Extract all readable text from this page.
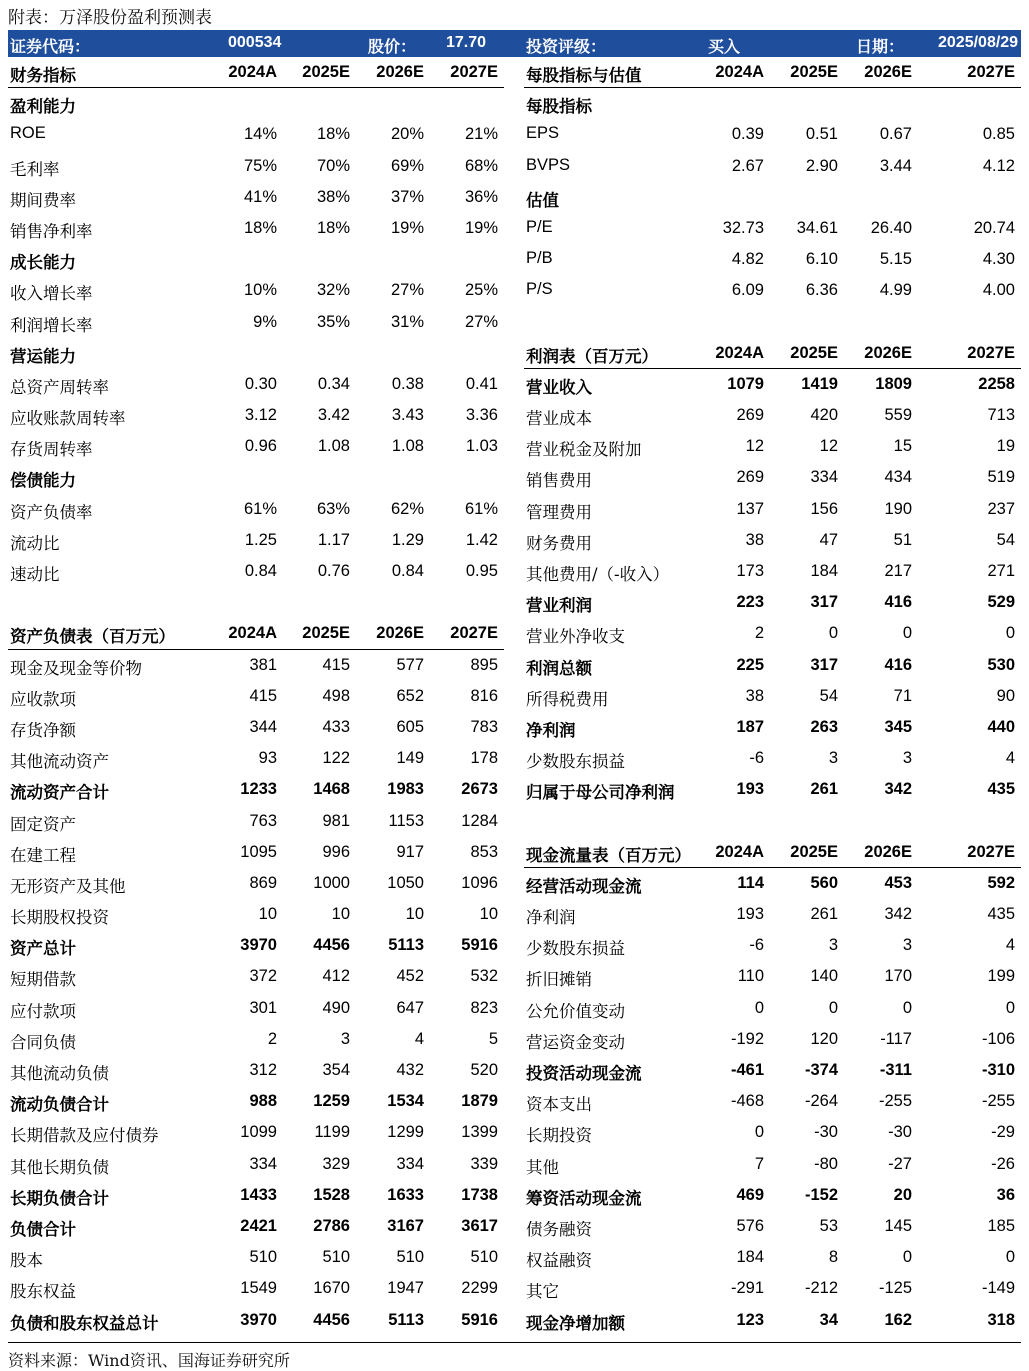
附表：万泽股份盈利预测表
证券代码：	000534	股价： 17.70 投资评级：	买入	日期： 2025/08/29
财务指标	2024A	2025E	2026E	2027E
盈利能力
ROE	14%	18%	20%	21%
毛利率	75%	70%	69%	68%
期间费率	41%	38%	37%	36%
销售净利率	18%	18%	19%	19%
成长能力
收入增长率	10%	32%	27%	25%
利润增长率	9%	35%	31%	27%
营运能力
总资产周转率	0.30	0.34	0.38	0.41
应收账款周转率	3.12	3.42	3.43	3.36
存货周转率	0.96	1.08	1.08	1.03
偿债能力
资产负债率	61%	63%	62%	61%
流动比	1.25	1.17	1.29	1.42
速动比	0.84	0.76	0.84	0.95
资产负债表（百万元）	2024A	2025E	2026E	2027E
现金及现金等价物	381	415	577	895
应收款项	415	498	652	816
存货净额	344	433	605	783
其他流动资产	93	122	149	178
流动资产合计	1233	1468	1983	2673
固定资产	763	981	1153	1284
在建工程	1095	996	917	853
无形资产及其他	869	1000	1050	1096
长期股权投资	10	10	10	10
资产总计	3970	4456	5113	5916
短期借款	372	412	452	532
应付款项	301	490	647	823
合同负债	2	3	4	5
其他流动负债	312	354	432	520
流动负债合计	988	1259	1534	1879
长期借款及应付债券	1099	1199	1299	1399
其他长期负债	334	329	334	339
长期负债合计	1433	1528	1633	1738
负债合计	2421	2786	3167	3617
股本	510	510	510	510
股东权益	1549	1670	1947	2299
负债和股东权益总计	3970	4456	5113	5916
每股指标与估值	2024A	2025E	2026E	2027E
每股指标
EPS	0.39	0.51	0.67	0.85
BVPS	2.67	2.90	3.44	4.12
估值
P/E	32.73	34.61	26.40	20.74
P/B	4.82	6.10	5.15	4.30
P/S	6.09	6.36	4.99	4.00
利润表（百万元）	2024A	2025E	2026E	2027E
营业收入	1079	1419	1809	2258
营业成本	269	420	559	713
营业税金及附加	12	12	15	19
销售费用	269	334	434	519
管理费用	137	156	190	237
财务费用	38	47	51	54
其他费用/（-收入）	173	184	217	271
营业利润	223	317	416	529
营业外净收支	2	0	0	0
利润总额	225	317	416	530
所得税费用	38	54	71	90
净利润	187	263	345	440
少数股东损益	-6	3	3	4
归属于母公司净利润	193	261	342	435
现金流量表（百万元）	2024A	2025E	2026E	2027E
经营活动现金流	114	560	453	592
净利润	193	261	342	435
少数股东损益	-6	3	3	4
折旧摊销	110	140	170	199
公允价值变动	0	0	0	0
营运资金变动	-192	120	-117	-106
投资活动现金流	-461	-374	-311	-310
资本支出	-468	-264	-255	-255
长期投资	0	-30	-30	-29
其他	7	-80	-27	-26
筹资活动现金流	469	-152	20	36
债务融资	576	53	145	185
权益融资	184	8	0	0
其它	-291	-212	-125	-149
现金净增加额	123	34	162	318
资料来源：Wind资讯、国海证券研究所
